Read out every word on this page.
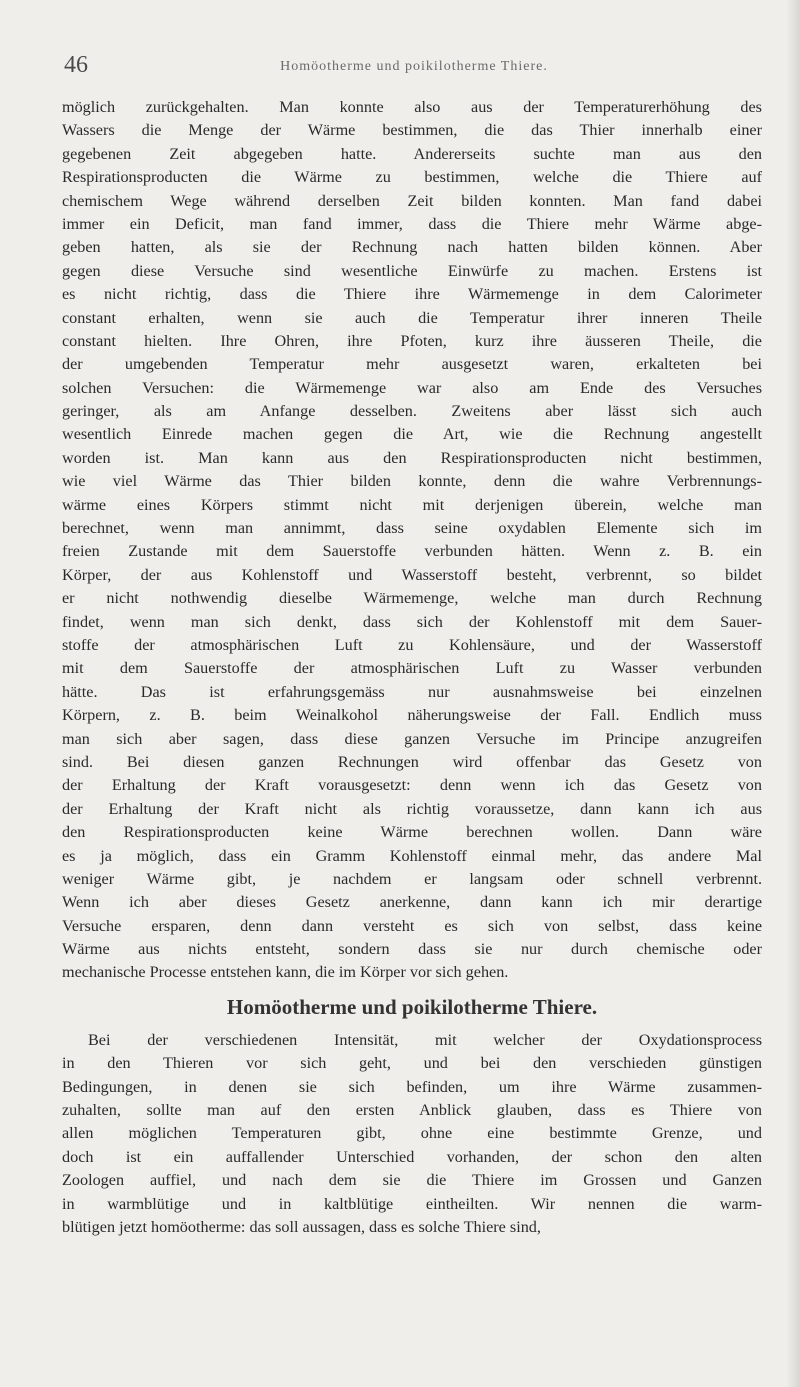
46	Homöotherme und poikilotherme Thiere.
möglich zurückgehalten. Man konnte also aus der Temperaturerhöhung des
Wassers die Menge der Wärme bestimmen, die das Thier innerhalb einer
gegebenen Zeit abgegeben hatte. Andererseits suchte man aus den
Respirationsproducten die Wärme zu bestimmen, welche die Thiere auf
chemischem Wege während derselben Zeit bilden konnten. Man fand dabei
immer ein Deficit, man fand immer, dass die Thiere mehr Wärme abge-
geben hatten, als sie der Rechnung nach hatten bilden können. Aber
gegen diese Versuche sind wesentliche Einwürfe zu machen. Erstens ist
es nicht richtig, dass die Thiere ihre Wärmemenge in dem Calorimeter
constant erhalten, wenn sie auch die Temperatur ihrer inneren Theile
constant hielten. Ihre Ohren, ihre Pfoten, kurz ihre äusseren Theile, die
der umgebenden Temperatur mehr ausgesetzt waren, erkalteten bei
solchen Versuchen: die Wärmemenge war also am Ende des Versuches
geringer, als am Anfange desselben. Zweitens aber lässt sich auch
wesentlich Einrede machen gegen die Art, wie die Rechnung angestellt
worden ist. Man kann aus den Respirationsproducten nicht bestimmen,
wie viel Wärme das Thier bilden konnte, denn die wahre Verbrennungs-
wärme eines Körpers stimmt nicht mit derjenigen überein, welche man
berechnet, wenn man annimmt, dass seine oxydablen Elemente sich im
freien Zustande mit dem Sauerstoffe verbunden hätten. Wenn z. B. ein
Körper, der aus Kohlenstoff und Wasserstoff besteht, verbrennt, so bildet
er nicht nothwendig dieselbe Wärmemenge, welche man durch Rechnung
findet, wenn man sich denkt, dass sich der Kohlenstoff mit dem Sauer-
stoffe der atmosphärischen Luft zu Kohlensäure, und der Wasserstoff
mit dem Sauerstoffe der atmosphärischen Luft zu Wasser verbunden
hätte. Das ist erfahrungsgemäss nur ausnahmsweise bei einzelnen
Körpern, z. B. beim Weinalkohol näherungsweise der Fall. Endlich muss
man sich aber sagen, dass diese ganzen Versuche im Principe anzugreifen
sind. Bei diesen ganzen Rechnungen wird offenbar das Gesetz von
der Erhaltung der Kraft vorausgesetzt: denn wenn ich das Gesetz von
der Erhaltung der Kraft nicht als richtig voraussetze, dann kann ich aus
den Respirationsproducten keine Wärme berechnen wollen. Dann wäre
es ja möglich, dass ein Gramm Kohlenstoff einmal mehr, das andere Mal
weniger Wärme gibt, je nachdem er langsam oder schnell verbrennt.
Wenn ich aber dieses Gesetz anerkenne, dann kann ich mir derartige
Versuche ersparen, denn dann versteht es sich von selbst, dass keine
Wärme aus nichts entsteht, sondern dass sie nur durch chemische oder
mechanische Processe entstehen kann, die im Körper vor sich gehen.
Homöotherme und poikilotherme Thiere.
Bei der verschiedenen Intensität, mit welcher der Oxydationsprocess
in den Thieren vor sich geht, und bei den verschieden günstigen
Bedingungen, in denen sie sich befinden, um ihre Wärme zusammen-
zuhalten, sollte man auf den ersten Anblick glauben, dass es Thiere von
allen möglichen Temperaturen gibt, ohne eine bestimmte Grenze, und
doch ist ein auffallender Unterschied vorhanden, der schon den alten
Zoologen auffiel, und nach dem sie die Thiere im Grossen und Ganzen
in warmblütige und in kaltblütige eintheilten. Wir nennen die warm-
blütigen jetzt homöotherme: das soll aussagen, dass es solche Thiere sind,
